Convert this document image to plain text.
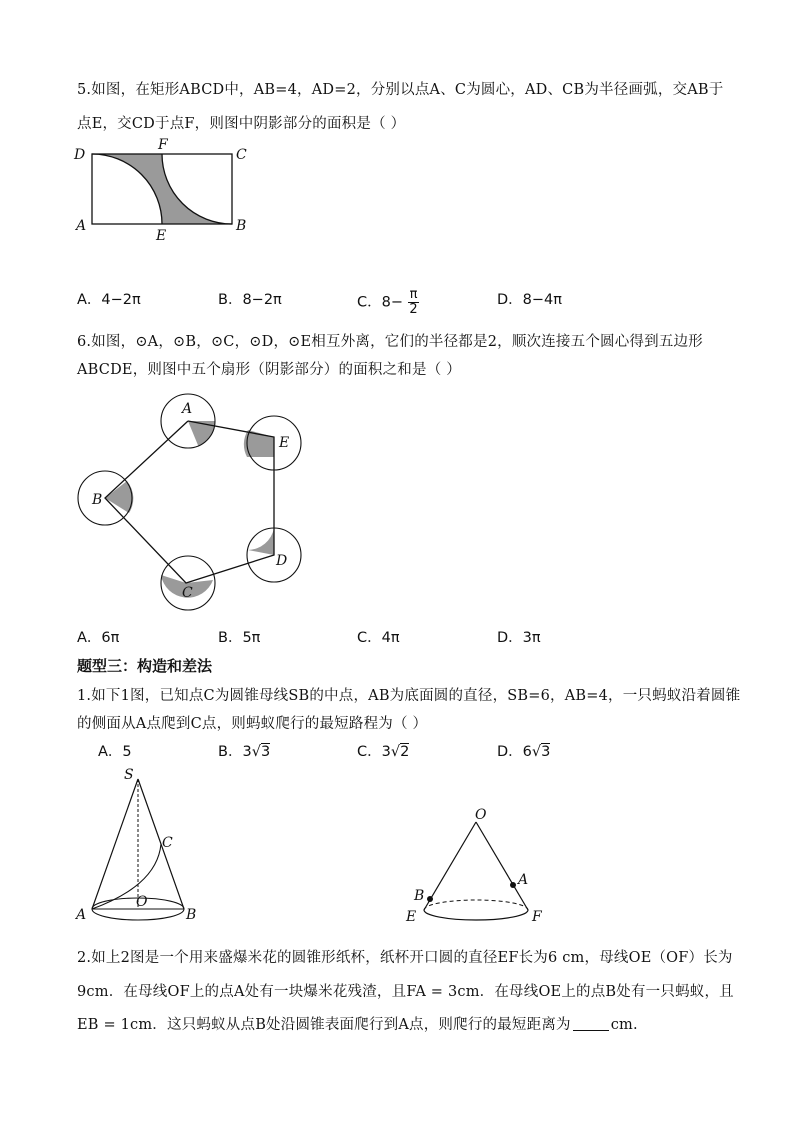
5.如图，在矩形ABCD中，AB=4，AD=2，分别以点A、C为圆心，AD、CB为半径画弧，交AB于
点E，交CD于点F，则图中阴影部分的面积是（ ）
D
F
C
A
E
B
A．4−2π	B．8−2π	C．$8- \frac{\pi}{2}$	D．8−4π
6.如图，⊙A，⊙B，⊙C，⊙D，⊙E相互外离，它们的半径都是2，顺次连接五个圆心得到五边形
ABCDE，则图中五个扇形（阴影部分）的面积之和是（ ）
A
E
D
C
B
A．6π	B．5π	C．4π	D．3π
题型三：构造和差法
1.如下1图，已知点C为圆锥母线SB的中点，AB为底面圆的直径，SB=6，AB=4，一只蚂蚁沿着圆锥
的侧面从A点爬到C点，则蚂蚁爬行的最短路程为（ ）
A．5	B．3√3	C．3√2	D．6√3
S
C
O
A	B
O
A
B
E	F
2.如上2图是一个用来盛爆米花的圆锥形纸杯，纸杯开口圆的直径EF长为6 cm，母线OE（OF）长为
9cm．在母线OF上的点A处有一块爆米花残渣，且FA = 3cm．在母线OE上的点B处有一只蚂蚁，且
EB = 1cm．这只蚂蚁从点B处沿圆锥表面爬行到A点，则爬行的最短距离为	cm.
